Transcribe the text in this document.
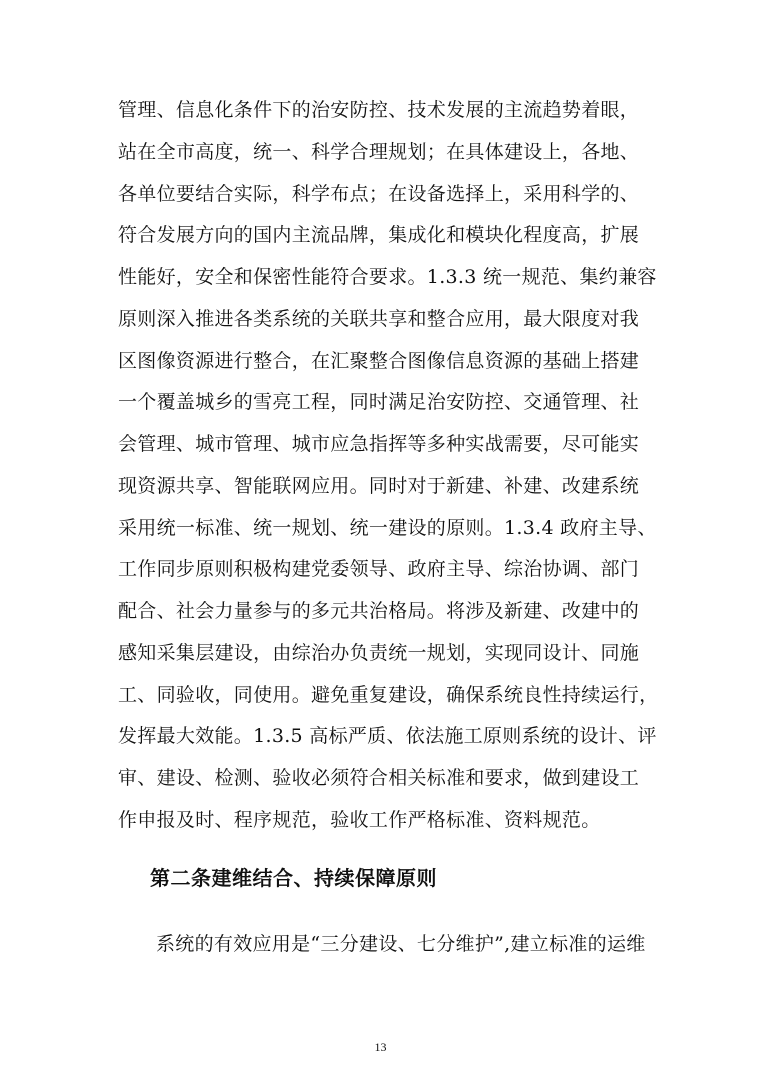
管理、信息化条件下的治安防控、技术发展的主流趋势着眼，
站在全市高度，统一、科学合理规划；在具体建设上，各地、
各单位要结合实际，科学布点；在设备选择上，采用科学的、
符合发展方向的国内主流品牌，集成化和模块化程度高，扩展
性能好，安全和保密性能符合要求。1.3.3 统一规范、集约兼容
原则深入推进各类系统的关联共享和整合应用，最大限度对我
区图像资源进行整合，在汇聚整合图像信息资源的基础上搭建
一个覆盖城乡的雪亮工程，同时满足治安防控、交通管理、社
会管理、城市管理、城市应急指挥等多种实战需要，尽可能实
现资源共享、智能联网应用。同时对于新建、补建、改建系统
采用统一标准、统一规划、统一建设的原则。1.3.4 政府主导、
工作同步原则积极构建党委领导、政府主导、综治协调、部门
配合、社会力量参与的多元共治格局。将涉及新建、改建中的
感知采集层建设，由综治办负责统一规划，实现同设计、同施
工、同验收，同使用。避免重复建设，确保系统良性持续运行，
发挥最大效能。1.3.5 高标严质、依法施工原则系统的设计、评
审、建设、检测、验收必须符合相关标准和要求，做到建设工
作申报及时、程序规范，验收工作严格标准、资料规范。
第二条建维结合、持续保障原则
系统的有效应用是“三分建设、七分维护”,建立标准的运维
13
